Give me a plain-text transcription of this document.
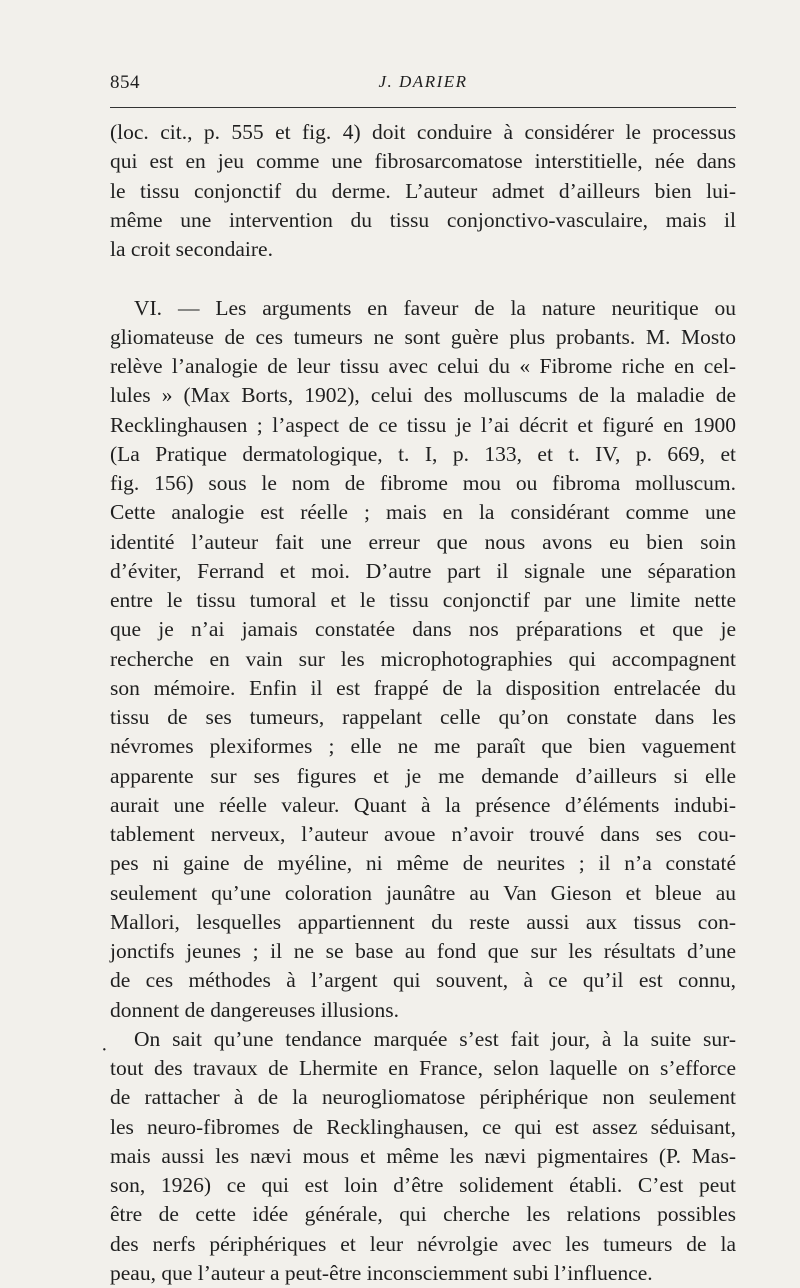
854	J. DARIER
(loc. cit., p. 555 et fig. 4) doit conduire à considérer le processus
qui est en jeu comme une fibrosarcomatose interstitielle, née dans
le tissu conjonctif du derme. L’auteur admet d’ailleurs bien lui-
même une intervention du tissu conjonctivo-vasculaire, mais il
la croit secondaire.
VI. — Les arguments en faveur de la nature neuritique ou
gliomateuse de ces tumeurs ne sont guère plus probants. M. Mosto
relève l’analogie de leur tissu avec celui du « Fibrome riche en cel-
lules » (Max Borts, 1902), celui des molluscums de la maladie de
Recklinghausen ; l’aspect de ce tissu je l’ai décrit et figuré en 1900
(La Pratique dermatologique, t. I, p. 133, et t. IV, p. 669, et
fig. 156) sous le nom de fibrome mou ou fibroma molluscum.
Cette analogie est réelle ; mais en la considérant comme une
identité l’auteur fait une erreur que nous avons eu bien soin
d’éviter, Ferrand et moi. D’autre part il signale une séparation
entre le tissu tumoral et le tissu conjonctif par une limite nette
que je n’ai jamais constatée dans nos préparations et que je
recherche en vain sur les microphotographies qui accompagnent
son mémoire. Enfin il est frappé de la disposition entrelacée du
tissu de ses tumeurs, rappelant celle qu’on constate dans les
névromes plexiformes ; elle ne me paraît que bien vaguement
apparente sur ses figures et je me demande d’ailleurs si elle
aurait une réelle valeur. Quant à la présence d’éléments indubi-
tablement nerveux, l’auteur avoue n’avoir trouvé dans ses cou-
pes ni gaine de myéline, ni même de neurites ; il n’a constaté
seulement qu’une coloration jaunâtre au Van Gieson et bleue au
Mallori, lesquelles appartiennent du reste aussi aux tissus con-
jonctifs jeunes ; il ne se base au fond que sur les résultats d’une
de ces méthodes à l’argent qui souvent, à ce qu’il est connu,
donnent de dangereuses illusions.
On sait qu’une tendance marquée s’est fait jour, à la suite sur-
tout des travaux de Lhermite en France, selon laquelle on s’efforce
de rattacher à de la neurogliomatose périphérique non seulement
les neuro-fibromes de Recklinghausen, ce qui est assez séduisant,
mais aussi les nævi mous et même les nævi pigmentaires (P. Mas-
son, 1926) ce qui est loin d’être solidement établi. C’est peut
être de cette idée générale, qui cherche les relations possibles
des nerfs périphériques et leur névrolgie avec les tumeurs de la
peau, que l’auteur a peut-être inconsciemment subi l’influence.
·
